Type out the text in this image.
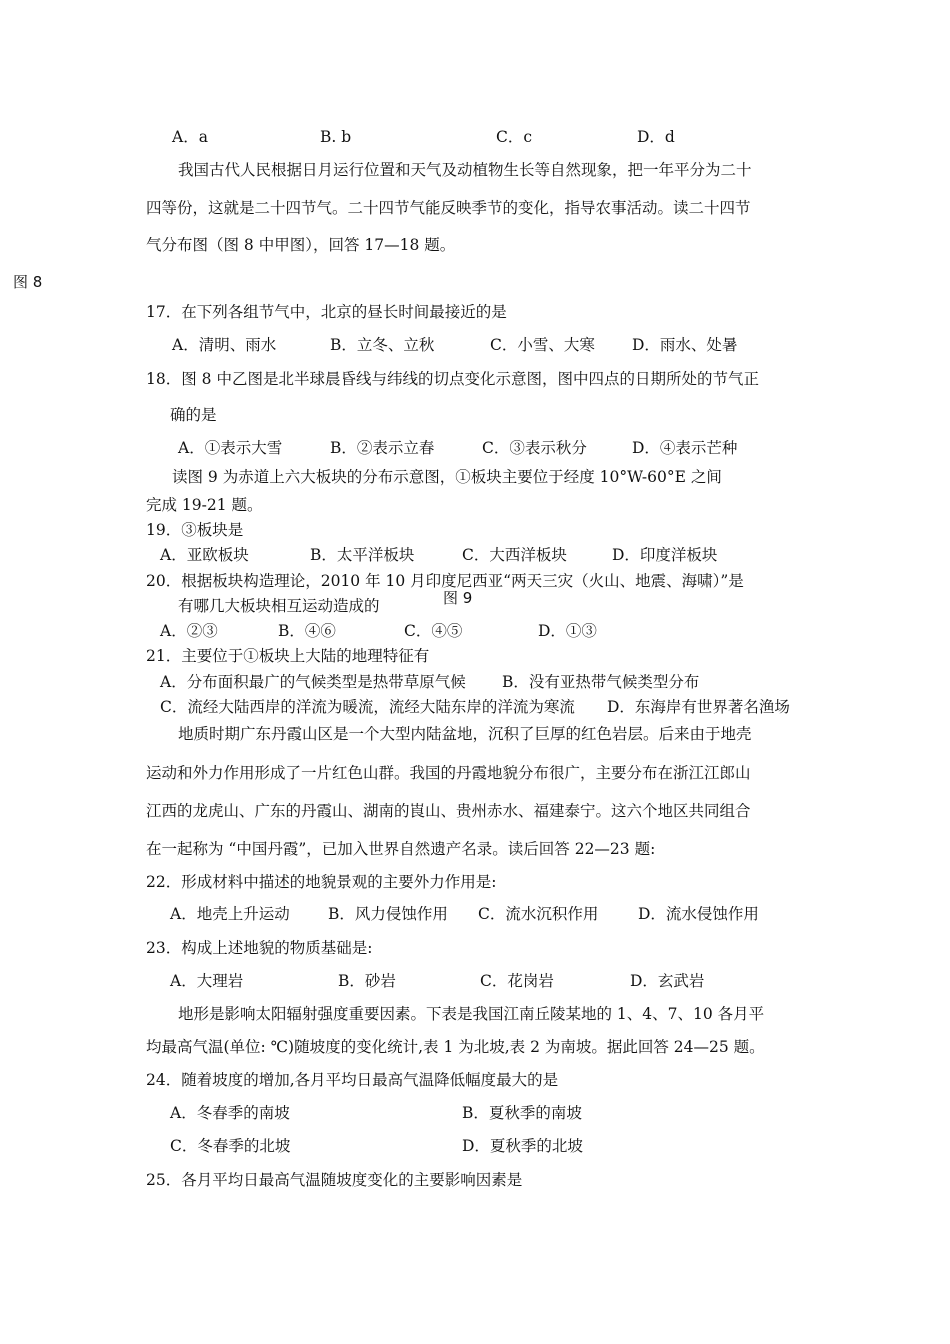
A．a	B. b	C．c	D．d
我国古代人民根据日月运行位置和天气及动植物生长等自然现象，把一年平分为二十
四等份，这就是二十四节气。二十四节气能反映季节的变化，指导农事活动。读二十四节
气分布图（图 8 中甲图），回答 17—18 题。
图 8
17．在下列各组节气中，北京的昼长时间最接近的是
A．清明、雨水	B．立冬、立秋	C．小雪、大寒 D．雨水、处暑
18．图 8 中乙图是北半球晨昏线与纬线的切点变化示意图，图中四点的日期所处的节气正
确的是
A．①表示大雪	B．②表示立春	C．③表示秋分	D．④表示芒种
读图 9 为赤道上六大板块的分布示意图，①板块主要位于经度 10°W-60°E 之间
完成 19-21 题。
19．③板块是
A．亚欧板块	B．太平洋板块	C．大西洋板块	D．印度洋板块
20．根据板块构造理论，2010 年 10 月印度尼西亚“两天三灾（火山、地震、海啸）”是
图 9
有哪几大板块相互运动造成的
A．②③	B．④⑥	C．④⑤	D．①③
21．主要位于①板块上大陆的地理特征有
A．分布面积最广的气候类型是热带草原气候 B．没有亚热带气候类型分布
C．流经大陆西岸的洋流为暖流，流经大陆东岸的洋流为寒流 D．东海岸有世界著名渔场
地质时期广东丹霞山区是一个大型内陆盆地，沉积了巨厚的红色岩层。后来由于地壳
运动和外力作用形成了一片红色山群。我国的丹霞地貌分布很广，主要分布在浙江江郎山
江西的龙虎山、广东的丹霞山、湖南的崀山、贵州赤水、福建泰宁。这六个地区共同组合
在一起称为 “中国丹霞”，已加入世界自然遗产名录。读后回答 22—23 题:
22．形成材料中描述的地貌景观的主要外力作用是:
A．地壳上升运动 B．风力侵蚀作用 C．流水沉积作用	D．流水侵蚀作用
23．构成上述地貌的物质基础是:
A．大理岩	B．砂岩	C．花岗岩	D．玄武岩
地形是影响太阳辐射强度重要因素。下表是我国江南丘陵某地的 1、4、7、10 各月平
均最高气温(单位: ℃)随坡度的变化统计,表 1 为北坡,表 2 为南坡。据此回答 24—25 题。
24．随着坡度的增加,各月平均日最高气温降低幅度最大的是
A．冬春季的南坡	B．夏秋季的南坡
C．冬春季的北坡	D．夏秋季的北坡
25．各月平均日最高气温随坡度变化的主要影响因素是
